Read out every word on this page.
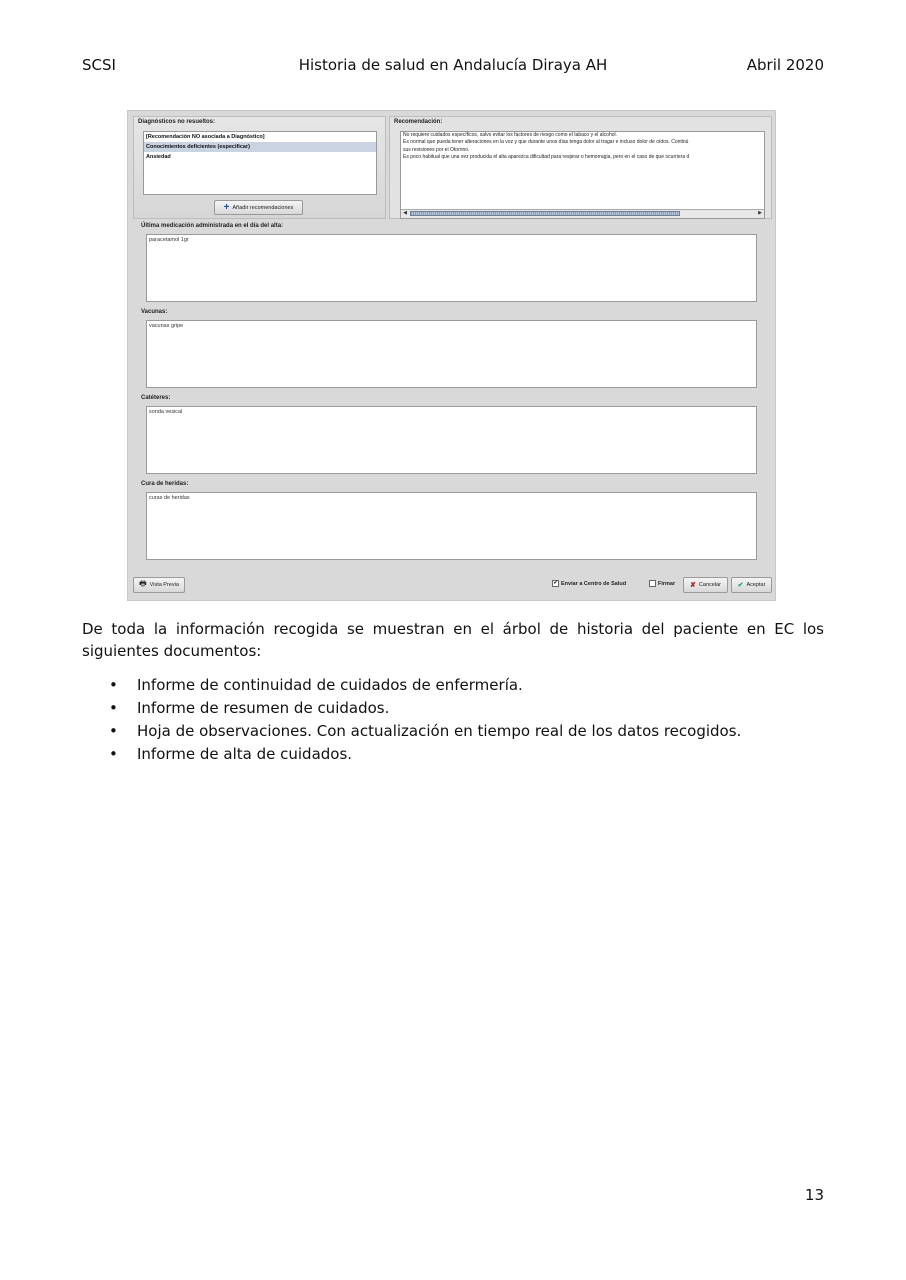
SCSI	Historia de salud en Andalucía Diraya AH	Abril 2020
Diagnósticos no resueltos:
[Recomendación NO asociada a Diagnóstico]
Conocimientos deficientes (especificar)
Ansiedad
+ Añadir recomendaciones
Recomendación:
No requiere cuidados específicos, salvo evitar los factores de riesgo como el tabaco y el alcohol.
Es normal que pueda tener alteraciones en la voz y que durante unos días tenga dolor al tragar e incluso dolor de oídos. Continú
sus revisiones por el Otorrino.
Es poco habitual que una vez producida el alta aparezca dificultad para respirar o hemorragia, pero en el caso de que ocurriera d
◀	▶
Última medicación administrada en el día del alta:
paracetamol 1gr
Vacunas:
vacunas gripe
Catéteres:
sonda vesical
Cura de heridas:
curas de heridas
🖶 Vista Previa	✔ Enviar a Centro de Salud	Firmar ✘ Cancelar ✔ Aceptar
De toda la información recogida se muestran en el árbol de historia del paciente en EC los siguientes documentos:
• Informe de continuidad de cuidados de enfermería.
• Informe de resumen de cuidados.
• Hoja de observaciones. Con actualización en tiempo real de los datos recogidos.
• Informe de alta de cuidados.
13
